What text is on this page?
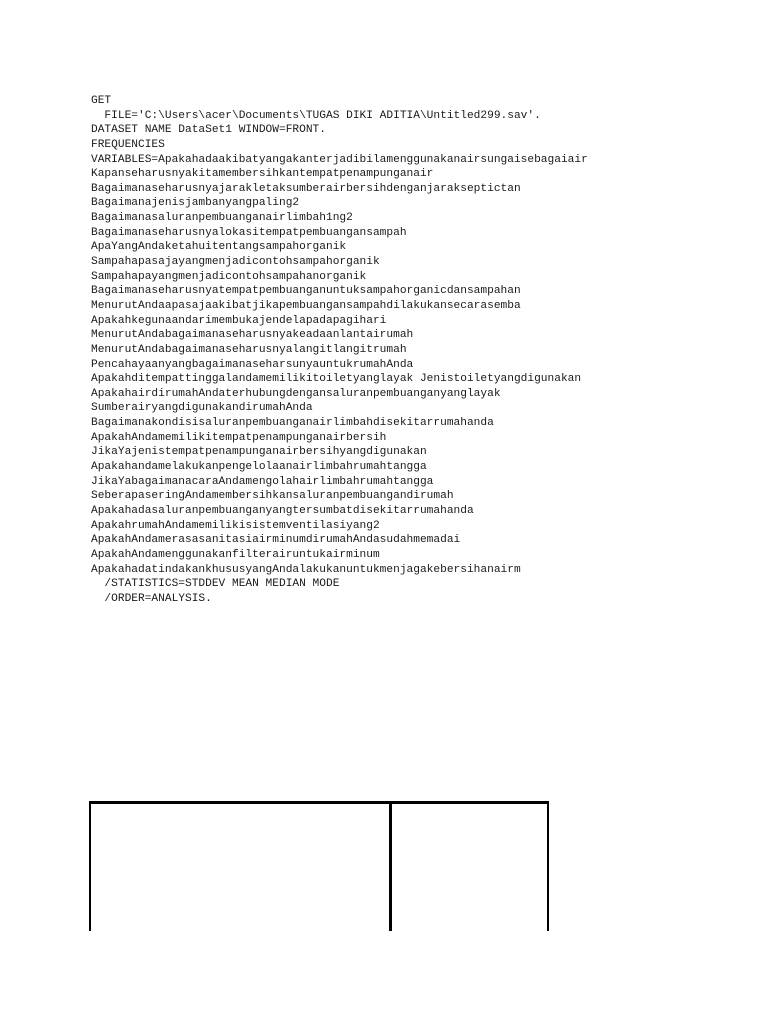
GET
FILE='C:\Users\acer\Documents\TUGAS DIKI ADITIA\Untitled299.sav'.
DATASET NAME DataSet1 WINDOW=FRONT.
FREQUENCIES
VARIABLES=Apakahadaakibatyangakanterjadibilamenggunakanairsungaisebagaiair
Kapanseharusnyakitamembersihkantempatpenampunganair
Bagaimanaseharusnyajarakletaksumberairbersihdenganjarakseptictan
Bagaimanajenisjambanyangpaling2
Bagaimanasaluranpembuanganairlimbah1ng2
Bagaimanaseharusnyalokasitempatpembuangansampah
ApaYangAndaketahuitentangsampahorganik
Sampahapasajayangmenjadicontohsampahorganik
Sampahapayangmenjadicontohsampahanorganik
Bagaimanaseharusnyatempatpembuanganuntuksampahorganicdansampahan
MenurutAndaapasajaakibatjikapembuangansampahdilakukansecarasemba
Apakahkegunaandarimembukajendelapadapagihari
MenurutAndabagaimanaseharusnyakeadaanlantairumah
MenurutAndabagaimanaseharusnyalangitlangitrumah
PencahayaanyangbagaimanaseharsunyauntukrumahAnda
Apakahditempattinggalandamemilikitoiletyanglayak Jenistoiletyangdigunakan
ApakahairdirumahAndaterhubungdengansaluranpembuanganyanglayak
SumberairyangdigunakandirumahAnda
Bagaimanakondisisaluranpembuanganairlimbahdisekitarrumahanda
ApakahAndamemilikitempatpenampunganairbersih
JikaYajenistempatpenampunganairbersihyangdigunakan
Apakahandamelakukanpengelolaanairlimbahrumahtangga
JikaYabagaimanacaraAndamengolahairlimbahrumahtangga
SeberapaseringAndamembersihkansaluranpembuangandirumah
Apakahadasaluranpembuanganyangtersumbatdisekitarrumahanda
ApakahrumahAndamemilikisistemventilasiyang2
ApakahAndamerasasanitasiairminumdirumahAndasudahmemadai
ApakahAndamenggunakanfilterairuntukairminum
ApakahadatindakankhususyangAndalakukanuntukmenjagakebersihanairm
/STATISTICS=STDDEV MEAN MEDIAN MODE
/ORDER=ANALYSIS.
